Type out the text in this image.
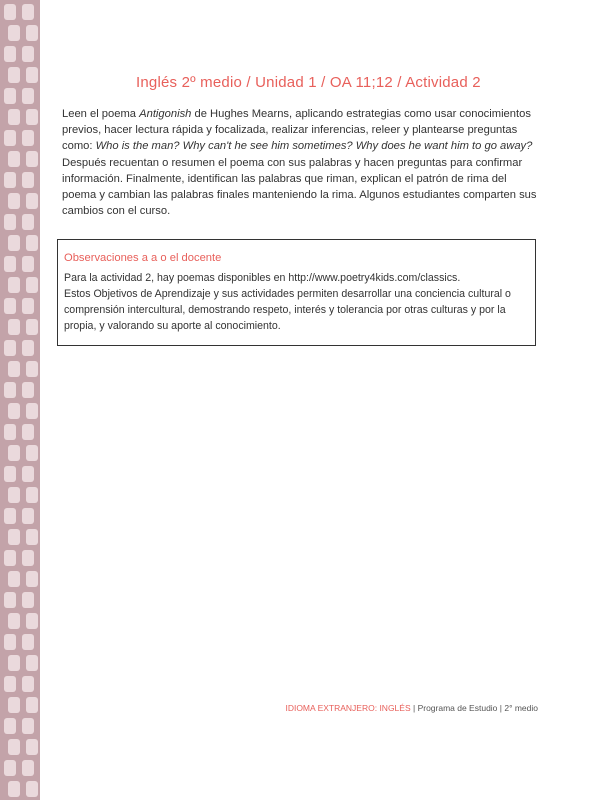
Inglés 2º medio / Unidad 1 / OA 11;12 / Actividad 2
Leen el poema Antigonish de Hughes Mearns, aplicando estrategias como usar conocimientos previos, hacer lectura rápida y focalizada, realizar inferencias, releer y plantearse preguntas como: Who is the man? Why can't he see him sometimes? Why does he want him to go away? Después recuentan o resumen el poema con sus palabras y hacen preguntas para confirmar información. Finalmente, identifican las palabras que riman, explican el patrón de rima del poema y cambian las palabras finales manteniendo la rima. Algunos estudiantes comparten sus cambios con el curso.
Observaciones a a o el docente
Para la actividad 2, hay poemas disponibles en http://www.poetry4kids.com/classics.
Estos Objetivos de Aprendizaje y sus actividades permiten desarrollar una conciencia cultural o comprensión intercultural, demostrando respeto, interés y tolerancia por otras culturas y por la propia, y valorando su aporte al conocimiento.
IDIOMA EXTRANJERO: INGLÉS | Programa de Estudio | 2° medio
